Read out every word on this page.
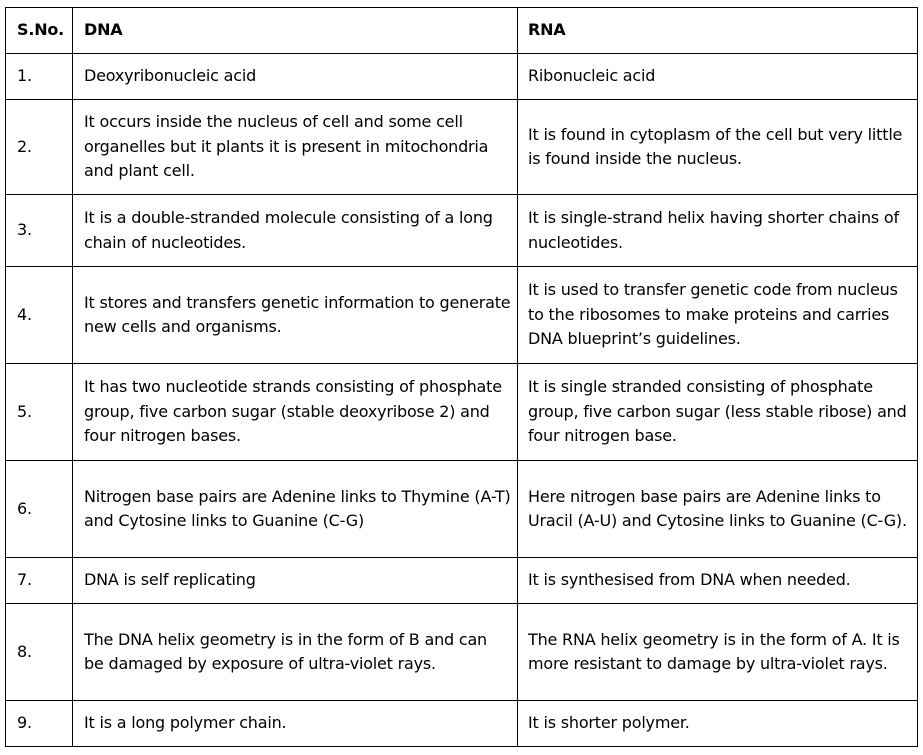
S.No.	DNA	RNA
1.	Deoxyribonucleic acid	Ribonucleic acid
2.	It occurs inside the nucleus of cell and some cell organelles but it plants it is present in mitochondria and plant cell.	It is found in cytoplasm of the cell but very little is found inside the nucleus.
3.	It is a double-stranded molecule consisting of a long chain of nucleotides.	It is single-strand helix having shorter chains of nucleotides.
4.	It stores and transfers genetic information to generate new cells and organisms.	It is used to transfer genetic code from nucleus to the ribosomes to make proteins and carries DNA blueprint’s guidelines.
5.	It has two nucleotide strands consisting of phosphate group, five carbon sugar (stable deoxyribose 2) and four nitrogen bases.	It is single stranded consisting of phosphate group, five carbon sugar (less stable ribose) and four nitrogen base.
6.	Nitrogen base pairs are Adenine links to Thymine (A-T) and Cytosine links to Guanine (C-G)	Here nitrogen base pairs are Adenine links to Uracil (A-U) and Cytosine links to Guanine (C-G).
7.	DNA is self replicating	It is synthesised from DNA when needed.
8.	The DNA helix geometry is in the form of B and can be damaged by exposure of ultra-violet rays.	The RNA helix geometry is in the form of A. It is more resistant to damage by ultra-violet rays.
9.	It is a long polymer chain.	It is shorter polymer.
